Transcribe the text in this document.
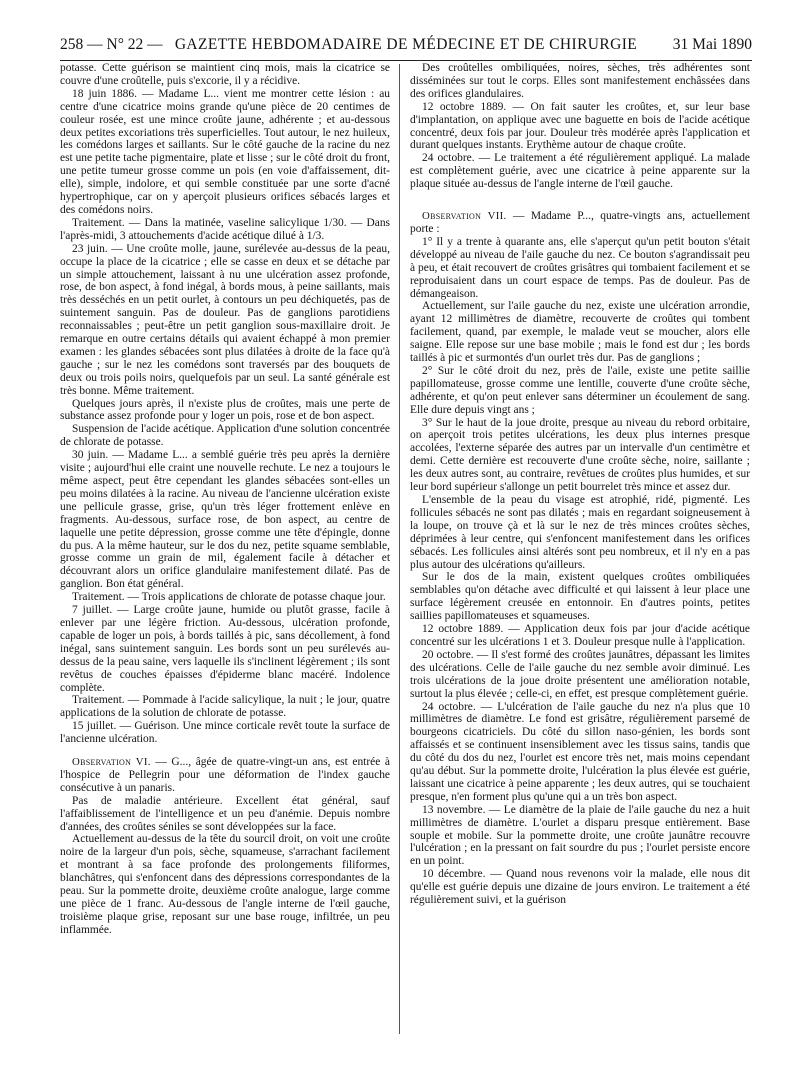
258 — N° 22 — GAZETTE HEBDOMADAIRE DE MÉDECINE ET DE CHIRURGIE	31 Mai 1890

potasse. Cette guérison se maintient cinq mois, mais la cicatrice se couvre d'une croûtelle, puis s'excorie, il y a récidive.

18 juin 1886. — Madame L... vient me montrer cette lésion : au centre d'une cicatrice moins grande qu'une pièce de 20 centimes de couleur rosée, est une mince croûte jaune, adhérente ; et au-dessous deux petites excoriations très superficielles. Tout autour, le nez huileux, les comédons larges et saillants. Sur le côté gauche de la racine du nez est une petite tache pigmentaire, plate et lisse ; sur le côté droit du front, une petite tumeur grosse comme un pois (en voie d'affaissement, dit-elle), simple, indolore, et qui semble constituée par une sorte d'acné hypertrophique, car on y aperçoit plusieurs orifices sébacés larges et des comédons noirs.

Traitement. — Dans la matinée, vaseline salicylique 1/30. — Dans l'après-midi, 3 attouchements d'acide acétique dilué à 1/3.

23 juin. — Une croûte molle, jaune, surélevée au-dessus de la peau, occupe la place de la cicatrice ; elle se casse en deux et se détache par un simple attouchement, laissant à nu une ulcération assez profonde, rose, de bon aspect, à fond inégal, à bords mous, à peine saillants, mais très desséchés en un petit ourlet, à contours un peu déchiquetés, pas de suintement sanguin. Pas de douleur. Pas de ganglions parotidiens reconnaissables ; peut-être un petit ganglion sous-maxillaire droit. Je remarque en outre certains détails qui avaient échappé à mon premier examen : les glandes sébacées sont plus dilatées à droite de la face qu'à gauche ; sur le nez les comédons sont traversés par des bouquets de deux ou trois poils noirs, quelquefois par un seul. La santé générale est très bonne. Même traitement.

Quelques jours après, il n'existe plus de croûtes, mais une perte de substance assez profonde pour y loger un pois, rose et de bon aspect.

Suspension de l'acide acétique. Application d'une solution concentrée de chlorate de potasse.

30 juin. — Madame L... a semblé guérie très peu après la dernière visite ; aujourd'hui elle craint une nouvelle rechute. Le nez a toujours le même aspect, peut être cependant les glandes sébacées sont-elles un peu moins dilatées à la racine. Au niveau de l'ancienne ulcération existe une pellicule grasse, grise, qu'un très léger frottement enlève en fragments. Au-dessous, surface rose, de bon aspect, au centre de laquelle une petite dépression, grosse comme une tête d'épingle, donne du pus. A la même hauteur, sur le dos du nez, petite squame semblable, grosse comme un grain de mil, également facile à détacher et découvrant alors un orifice glandulaire manifestement dilaté. Pas de ganglion. Bon état général.

Traitement. — Trois applications de chlorate de potasse chaque jour.

7 juillet. — Large croûte jaune, humide ou plutôt grasse, facile à enlever par une légère friction. Au-dessous, ulcération profonde, capable de loger un pois, à bords taillés à pic, sans décollement, à fond inégal, sans suintement sanguin. Les bords sont un peu surélevés au-dessus de la peau saine, vers laquelle ils s'inclinent légèrement ; ils sont revêtus de couches épaisses d'épiderme blanc macéré. Indolence complète.

Traitement. — Pommade à l'acide salicylique, la nuit ; le jour, quatre applications de la solution de chlorate de potasse.

15 juillet. — Guérison. Une mince corticale revêt toute la surface de l'ancienne ulcération.

Observation VI. — G..., âgée de quatre-vingt-un ans, est entrée à l'hospice de Pellegrin pour une déformation de l'index gauche consécutive à un panaris.

Pas de maladie antérieure. Excellent état général, sauf l'affaiblissement de l'intelligence et un peu d'anémie. Depuis nombre d'années, des croûtes séniles se sont développées sur la face.

Actuellement au-dessus de la tête du sourcil droit, on voit une croûte noire de la largeur d'un pois, sèche, squameuse, s'arrachant facilement et montrant à sa face profonde des prolongements filiformes, blanchâtres, qui s'enfoncent dans des dépressions correspondantes de la peau. Sur la pommette droite, deuxième croûte analogue, large comme une pièce de 1 franc. Au-dessous de l'angle interne de l'œil gauche, troisième plaque grise, reposant sur une base rouge, infiltrée, un peu inflammée.

Des croûtelles ombiliquées, noires, sèches, très adhérentes sont disséminées sur tout le corps. Elles sont manifestement enchâssées dans des orifices glandulaires.

12 octobre 1889. — On fait sauter les croûtes, et, sur leur base d'implantation, on applique avec une baguette en bois de l'acide acétique concentré, deux fois par jour. Douleur très modérée après l'application et durant quelques instants. Erythème autour de chaque croûte.

24 octobre. — Le traitement a été régulièrement appliqué. La malade est complètement guérie, avec une cicatrice à peine apparente sur la plaque située au-dessus de l'angle interne de l'œil gauche.

Observation VII. — Madame P..., quatre-vingts ans, actuellement porte :

1° Il y a trente à quarante ans, elle s'aperçut qu'un petit bouton s'était développé au niveau de l'aile gauche du nez. Ce bouton s'agrandissait peu à peu, et était recouvert de croûtes grisâtres qui tombaient facilement et se reproduisaient dans un court espace de temps. Pas de douleur. Pas de démangeaison.

Actuellement, sur l'aile gauche du nez, existe une ulcération arrondie, ayant 12 millimètres de diamètre, recouverte de croûtes qui tombent facilement, quand, par exemple, le malade veut se moucher, alors elle saigne. Elle repose sur une base mobile ; mais le fond est dur ; les bords taillés à pic et surmontés d'un ourlet très dur. Pas de ganglions ;

2° Sur le côté droit du nez, près de l'aile, existe une petite saillie papillomateuse, grosse comme une lentille, couverte d'une croûte sèche, adhérente, et qu'on peut enlever sans déterminer un écoulement de sang. Elle dure depuis vingt ans ;

3° Sur le haut de la joue droite, presque au niveau du rebord orbitaire, on aperçoit trois petites ulcérations, les deux plus internes presque accolées, l'externe séparée des autres par un intervalle d'un centimètre et demi. Cette dernière est recouverte d'une croûte sèche, noire, saillante ; les deux autres sont, au contraire, revêtues de croûtes plus humides, et sur leur bord supérieur s'allonge un petit bourrelet très mince et assez dur.

L'ensemble de la peau du visage est atrophié, ridé, pigmenté. Les follicules sébacés ne sont pas dilatés ; mais en regardant soigneusement à la loupe, on trouve çà et là sur le nez de très minces croûtes sèches, déprimées à leur centre, qui s'enfoncent manifestement dans les orifices sébacés. Les follicules ainsi altérés sont peu nombreux, et il n'y en a pas plus autour des ulcérations qu'ailleurs.

Sur le dos de la main, existent quelques croûtes ombiliquées semblables qu'on détache avec difficulté et qui laissent à leur place une surface légèrement creusée en entonnoir. En d'autres points, petites saillies papillomateuses et squameuses.

12 octobre 1889. — Application deux fois par jour d'acide acétique concentré sur les ulcérations 1 et 3. Douleur presque nulle à l'application.

20 octobre. — Il s'est formé des croûtes jaunâtres, dépassant les limites des ulcérations. Celle de l'aile gauche du nez semble avoir diminué. Les trois ulcérations de la joue droite présentent une amélioration notable, surtout la plus élevée ; celle-ci, en effet, est presque complètement guérie.

24 octobre. — L'ulcération de l'aile gauche du nez n'a plus que 10 millimètres de diamètre. Le fond est grisâtre, régulièrement parsemé de bourgeons cicatriciels. Du côté du sillon naso-génien, les bords sont affaissés et se continuent insensiblement avec les tissus sains, tandis que du côté du dos du nez, l'ourlet est encore très net, mais moins cependant qu'au début. Sur la pommette droite, l'ulcération la plus élevée est guérie, laissant une cicatrice à peine apparente ; les deux autres, qui se touchaient presque, n'en forment plus qu'une qui a un très bon aspect.

13 novembre. — Le diamètre de la plaie de l'aile gauche du nez a huit millimètres de diamètre. L'ourlet a disparu presque entièrement. Base souple et mobile. Sur la pommette droite, une croûte jaunâtre recouvre l'ulcération ; en la pressant on fait sourdre du pus ; l'ourlet persiste encore en un point.

10 décembre. — Quand nous revenons voir la malade, elle nous dit qu'elle est guérie depuis une dizaine de jours environ. Le traitement a été régulièrement suivi, et la guérison
